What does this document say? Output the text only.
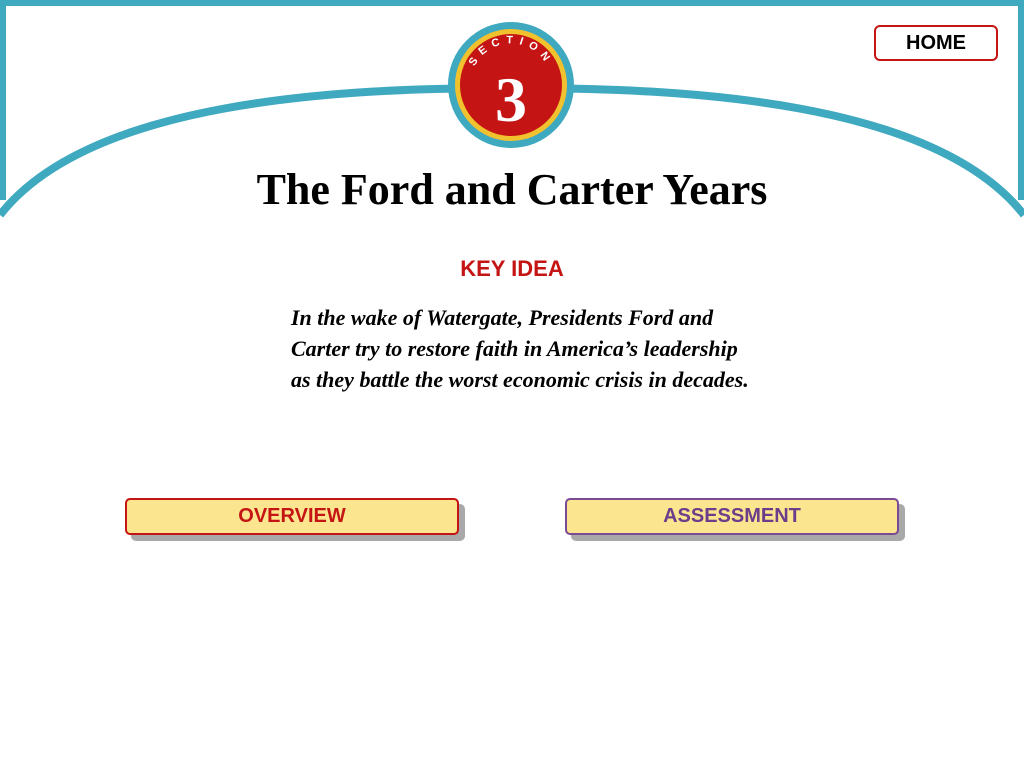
SECTION
3
HOME
The Ford and Carter Years
KEY IDEA

In the wake of Watergate, Presidents Ford and Carter try to restore faith in America’s leadership as they battle the worst economic crisis in decades.

OVERVIEW	ASSESSMENT
